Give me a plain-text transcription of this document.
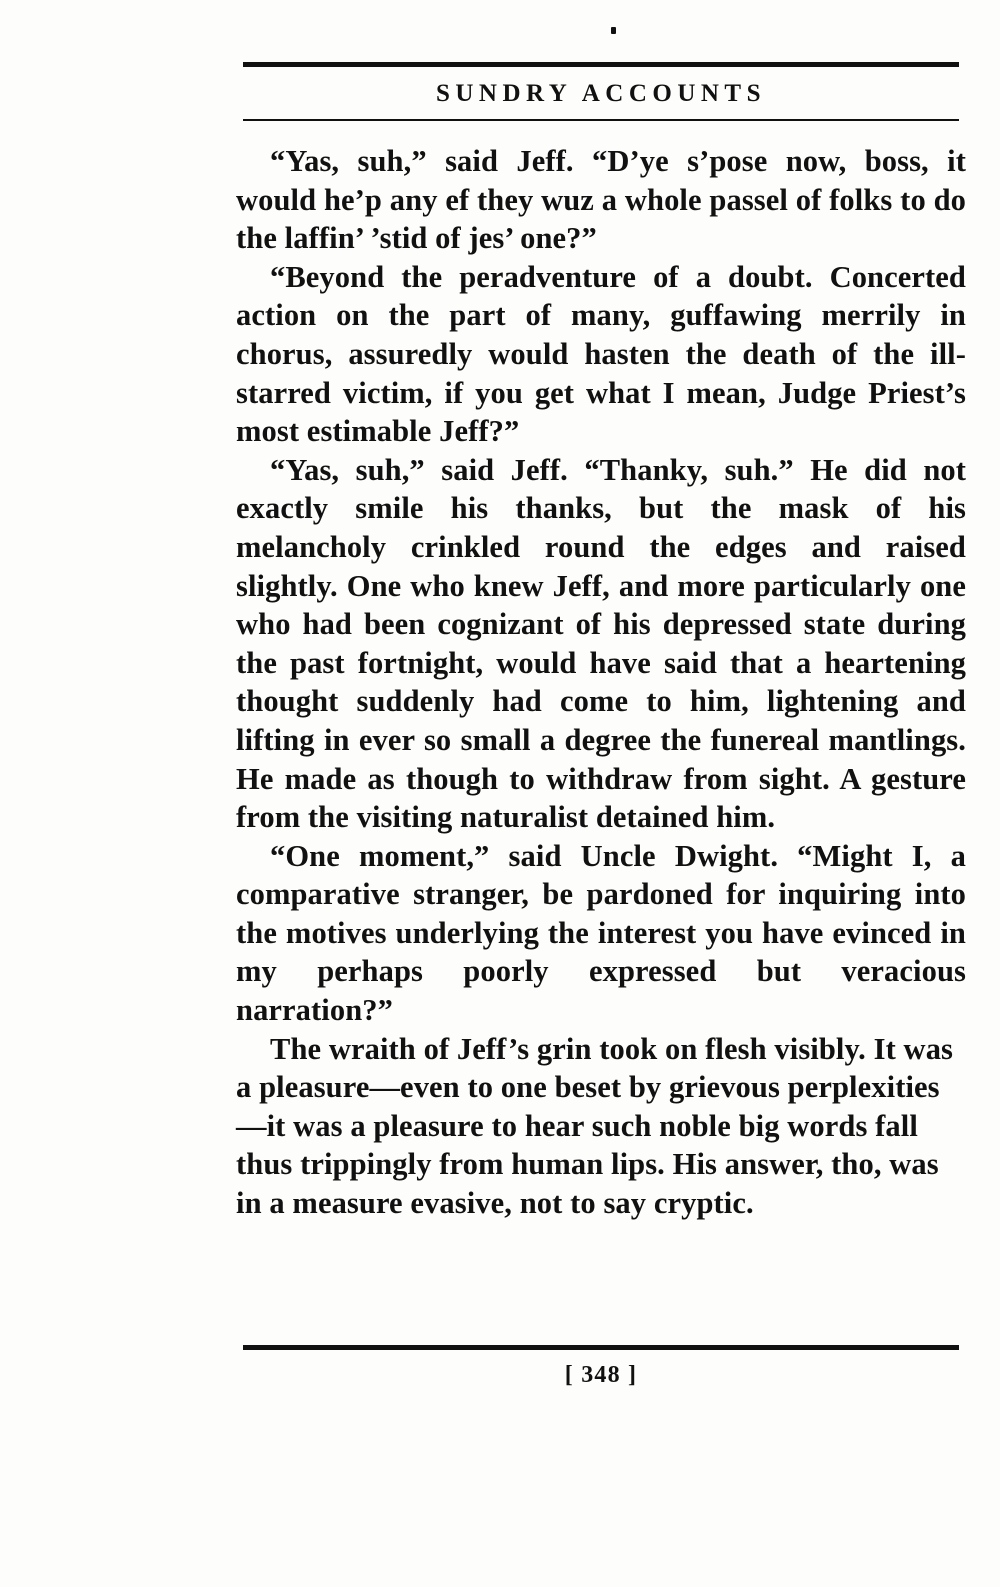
SUNDRY ACCOUNTS

“Yas, suh,” said Jeff. “D’ye s’pose now, boss, it would he’p any ef they wuz a whole passel of folks to do the laffin’ ’stid of jes’ one?”

“Beyond the peradventure of a doubt. Concerted action on the part of many, guffawing merrily in chorus, assuredly would hasten the death of the ill-starred victim, if you get what I mean, Judge Priest’s most estimable Jeff?”

“Yas, suh,” said Jeff. “Thanky, suh.” He did not exactly smile his thanks, but the mask of his melancholy crinkled round the edges and raised slightly. One who knew Jeff, and more particularly one who had been cognizant of his depressed state during the past fortnight, would have said that a heartening thought suddenly had come to him, lightening and lifting in ever so small a degree the funereal mantlings. He made as though to withdraw from sight. A gesture from the visiting naturalist detained him.

“One moment,” said Uncle Dwight. “Might I, a comparative stranger, be pardoned for inquiring into the motives underlying the interest you have evinced in my perhaps poorly expressed but veracious narration?”

The wraith of Jeff’s grin took on flesh visibly. It was a pleasure—even to one beset by grievous perplexities—it was a pleasure to hear such noble big words fall thus trippingly from human lips. His answer, tho, was in a measure evasive, not to say cryptic.

[ 348 ]
